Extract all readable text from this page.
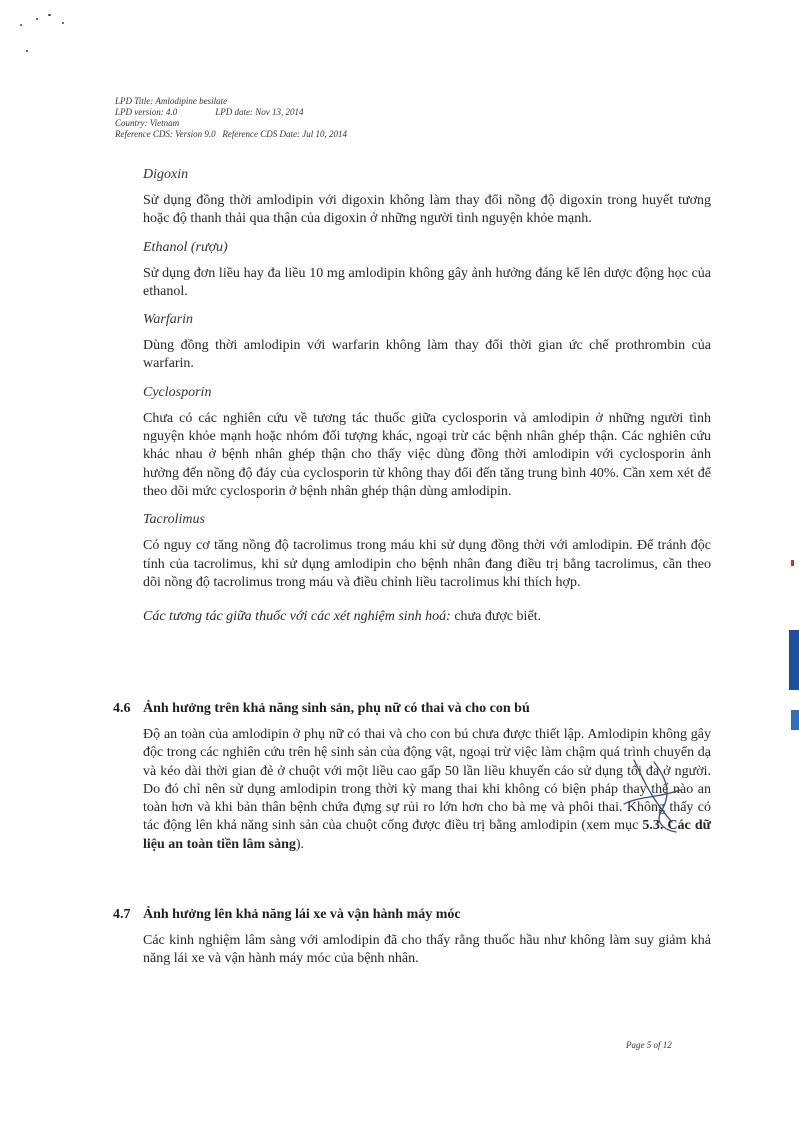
LPD Title: Amlodipine besilate
LPD version: 4.0	LPD date: Nov 13, 2014
Country: Vietnam
Reference CDS: Version 9.0 Reference CDS Date: Jul 10, 2014

Digoxin

Sử dụng đồng thời amlodipin với digoxin không làm thay đổi nồng độ digoxin trong huyết tương hoặc độ thanh thải qua thận của digoxin ở những người tình nguyện khỏe mạnh.

Ethanol (rượu)

Sử dụng đơn liều hay đa liều 10 mg amlodipin không gây ảnh hưởng đáng kể lên dược động học của ethanol.

Warfarin

Dùng đồng thời amlodipin với warfarin không làm thay đổi thời gian ức chế prothrombin của warfarin.

Cyclosporin

Chưa có các nghiên cứu về tương tác thuốc giữa cyclosporin và amlodipin ở những người tình nguyện khỏe mạnh hoặc nhóm đối tượng khác, ngoại trừ các bệnh nhân ghép thận. Các nghiên cứu khác nhau ở bệnh nhân ghép thận cho thấy việc dùng đồng thời amlodipin với cyclosporin ảnh hưởng đến nồng độ đáy của cyclosporin từ không thay đổi đến tăng trung bình 40%. Cần xem xét để theo dõi mức cyclosporin ở bệnh nhân ghép thận dùng amlodipin.

Tacrolimus

Có nguy cơ tăng nồng độ tacrolimus trong máu khi sử dụng đồng thời với amlodipin. Để tránh độc tính của tacrolimus, khi sử dụng amlodipin cho bệnh nhân đang điều trị bằng tacrolimus, cần theo dõi nồng độ tacrolimus trong máu và điều chỉnh liều tacrolimus khi thích hợp.

Các tương tác giữa thuốc với các xét nghiệm sinh hoá: chưa được biết.

4.6 Ảnh hưởng trên khả năng sinh sản, phụ nữ có thai và cho con bú

Độ an toàn của amlodipin ở phụ nữ có thai và cho con bú chưa được thiết lập. Amlodipin không gây độc trong các nghiên cứu trên hệ sinh sản của động vật, ngoại trừ việc làm chậm quá trình chuyển dạ và kéo dài thời gian đẻ ở chuột với một liều cao gấp 50 lần liều khuyến cáo sử dụng tối đa ở người. Do đó chỉ nên sử dụng amlodipin trong thời kỳ mang thai khi không có biện pháp thay thế nào an toàn hơn và khi bản thân bệnh chứa đựng sự rủi ro lớn hơn cho bà mẹ và phôi thai. Không thấy có tác động lên khả năng sinh sản của chuột cống được điều trị bằng amlodipin (xem mục 5.3. Các dữ liệu an toàn tiền lâm sàng).

4.7 Ảnh hưởng lên khả năng lái xe và vận hành máy móc

Các kinh nghiệm lâm sàng với amlodipin đã cho thấy rằng thuốc hầu như không làm suy giảm khả năng lái xe và vận hành máy móc của bệnh nhân.

Page 5 of 12
